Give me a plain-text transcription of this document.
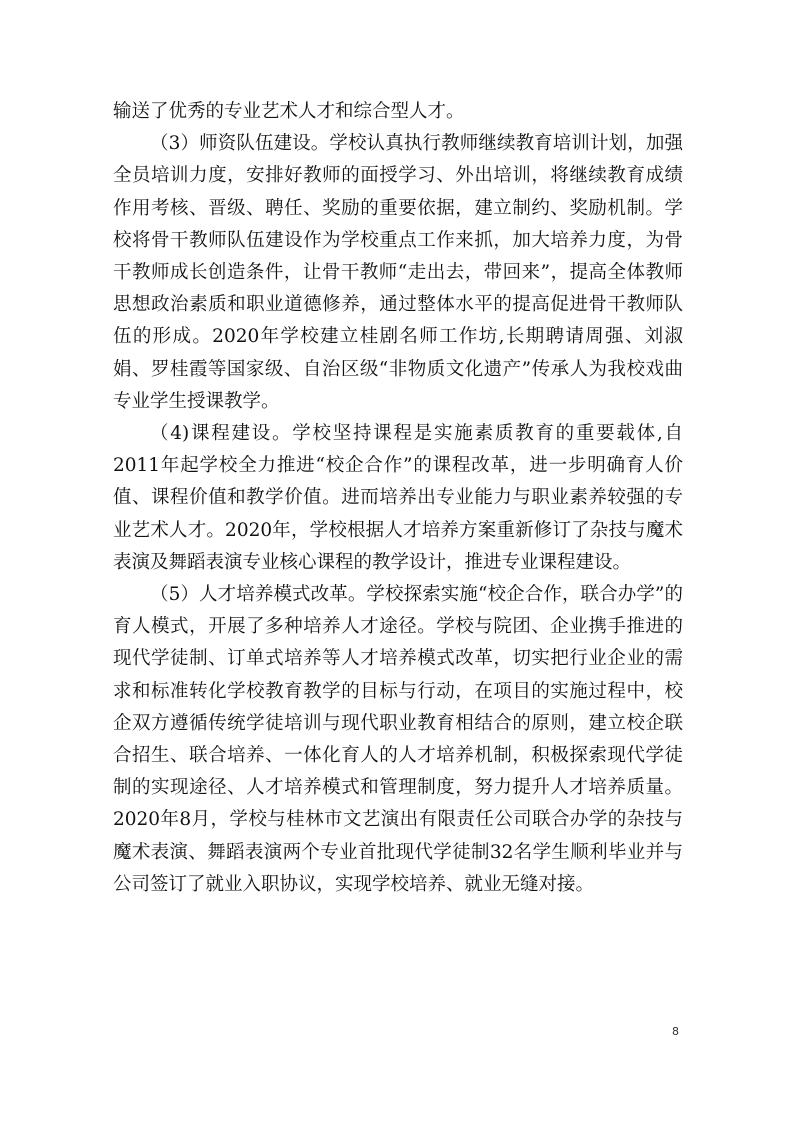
输送了优秀的专业艺术人才和综合型人才。

（3）师资队伍建设。学校认真执行教师继续教育培训计划，加强全员培训力度，安排好教师的面授学习、外出培训，将继续教育成绩作用考核、晋级、聘任、奖励的重要依据，建立制约、奖励机制。学校将骨干教师队伍建设作为学校重点工作来抓，加大培养力度，为骨干教师成长创造条件，让骨干教师“走出去，带回来”，提高全体教师思想政治素质和职业道德修养，通过整体水平的提高促进骨干教师队伍的形成。2020年学校建立桂剧名师工作坊,长期聘请周强、刘淑娟、罗桂霞等国家级、自治区级“非物质文化遗产”传承人为我校戏曲专业学生授课教学。

（4)课程建设。学校坚持课程是实施素质教育的重要载体,自2011年起学校全力推进“校企合作”的课程改革，进一步明确育人价值、课程价值和教学价值。进而培养出专业能力与职业素养较强的专业艺术人才。2020年，学校根据人才培养方案重新修订了杂技与魔术表演及舞蹈表演专业核心课程的教学设计，推进专业课程建设。

（5）人才培养模式改革。学校探索实施“校企合作，联合办学”的育人模式，开展了多种培养人才途径。学校与院团、企业携手推进的现代学徒制、订单式培养等人才培养模式改革，切实把行业企业的需求和标准转化学校教育教学的目标与行动，在项目的实施过程中，校企双方遵循传统学徒培训与现代职业教育相结合的原则，建立校企联合招生、联合培养、一体化育人的人才培养机制，积极探索现代学徒制的实现途径、人才培养模式和管理制度，努力提升人才培养质量。2020年8月，学校与桂林市文艺演出有限责任公司联合办学的杂技与魔术表演、舞蹈表演两个专业首批现代学徒制32名学生顺利毕业并与公司签订了就业入职协议，实现学校培养、就业无缝对接。

8
